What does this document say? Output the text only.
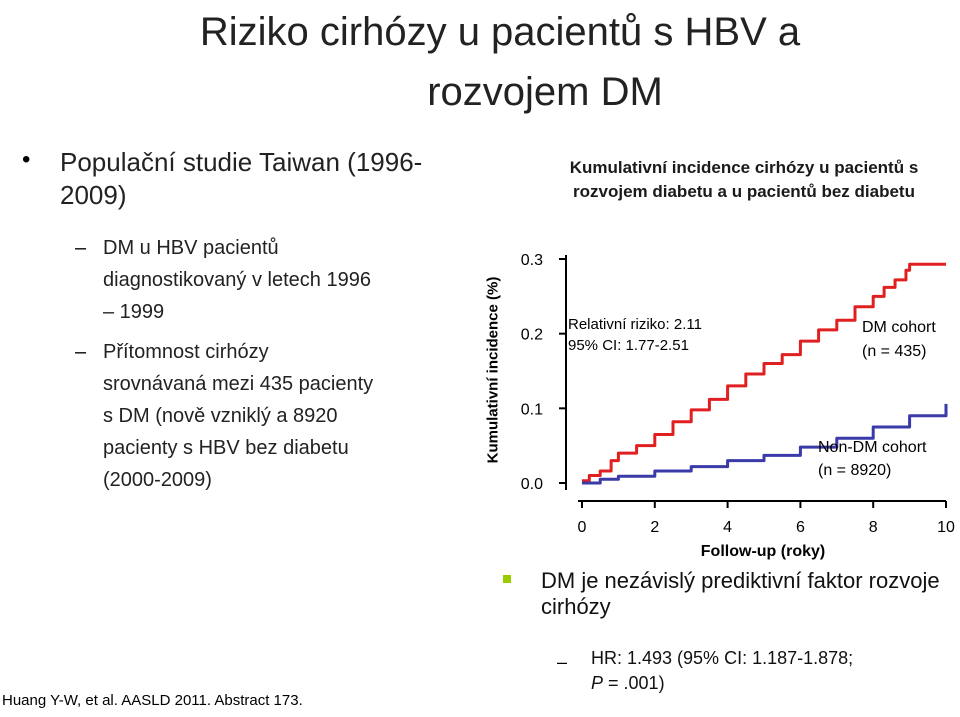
Riziko cirhózy u pacientů s HBV a
rozvojem DM
• Populační studie Taiwan (1996-2009)
– DM u HBV pacientů
diagnostikovaný v letech 1996
– 1999
– Přítomnost cirhózy
srovnávaná mezi 435 pacienty
s DM (nově vzniklý a 8920
pacienty s HBV bez diabetu
(2000-2009)
Huang Y-W, et al. AASLD 2011. Abstract 173.
Kumulativní incidence cirhózy u pacientů s rozvojem diabetu a u pacientů bez diabetu
Kumulativní incidence (%)
0.0
0.1
0.2
0.3
0	2	4	6	8	10
Follow-up (roky)
DM cohort
(n = 435)
Non-DM cohort
(n = 8920)
Relativní riziko: 2.11
95% CI: 1.77-2.51
DM je nezávislý prediktivní faktor rozvoje cirhózy
– HR: 1.493 (95% CI: 1.187-1.878;
P = .001)
